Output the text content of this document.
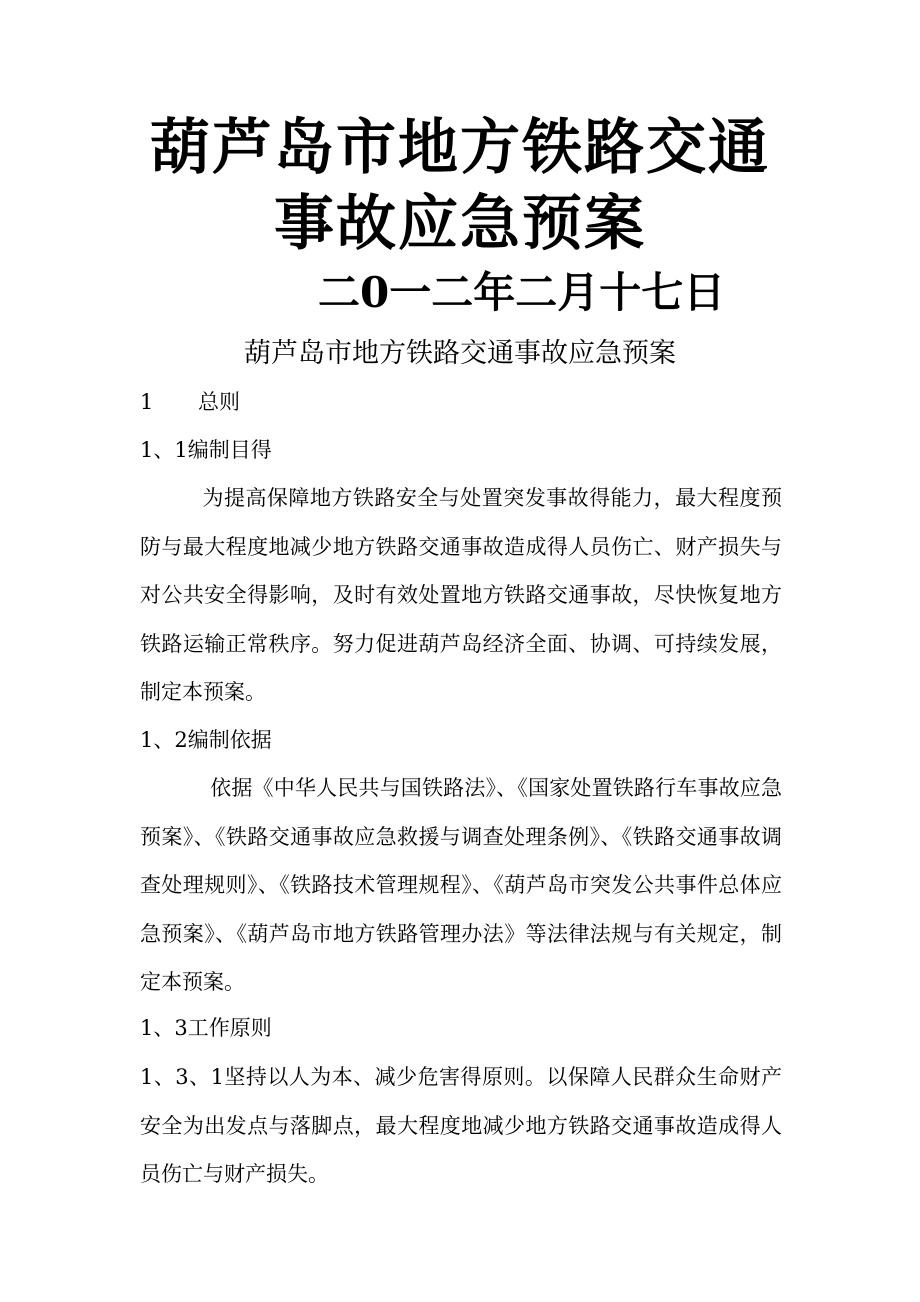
葫芦岛市地方铁路交通
事故应急预案
二0一二年二月十七日
葫芦岛市地方铁路交通事故应急预案
1 总则
1、1编制目得
为提高保障地方铁路安全与处置突发事故得能力，最大程度预防与最大程度地减少地方铁路交通事故造成得人员伤亡、财产损失与对公共安全得影响，及时有效处置地方铁路交通事故，尽快恢复地方铁路运输正常秩序。努力促进葫芦岛经济全面、协调、可持续发展，制定本预案。
1、2编制依据
依据《中华人民共与国铁路法》、《国家处置铁路行车事故应急预案》、《铁路交通事故应急救援与调查处理条例》、《铁路交通事故调查处理规则》、《铁路技术管理规程》、《葫芦岛市突发公共事件总体应急预案》、《葫芦岛市地方铁路管理办法》等法律法规与有关规定，制定本预案。
1、3工作原则
1、3、1坚持以人为本、减少危害得原则。以保障人民群众生命财产安全为出发点与落脚点，最大程度地减少地方铁路交通事故造成得人员伤亡与财产损失。
